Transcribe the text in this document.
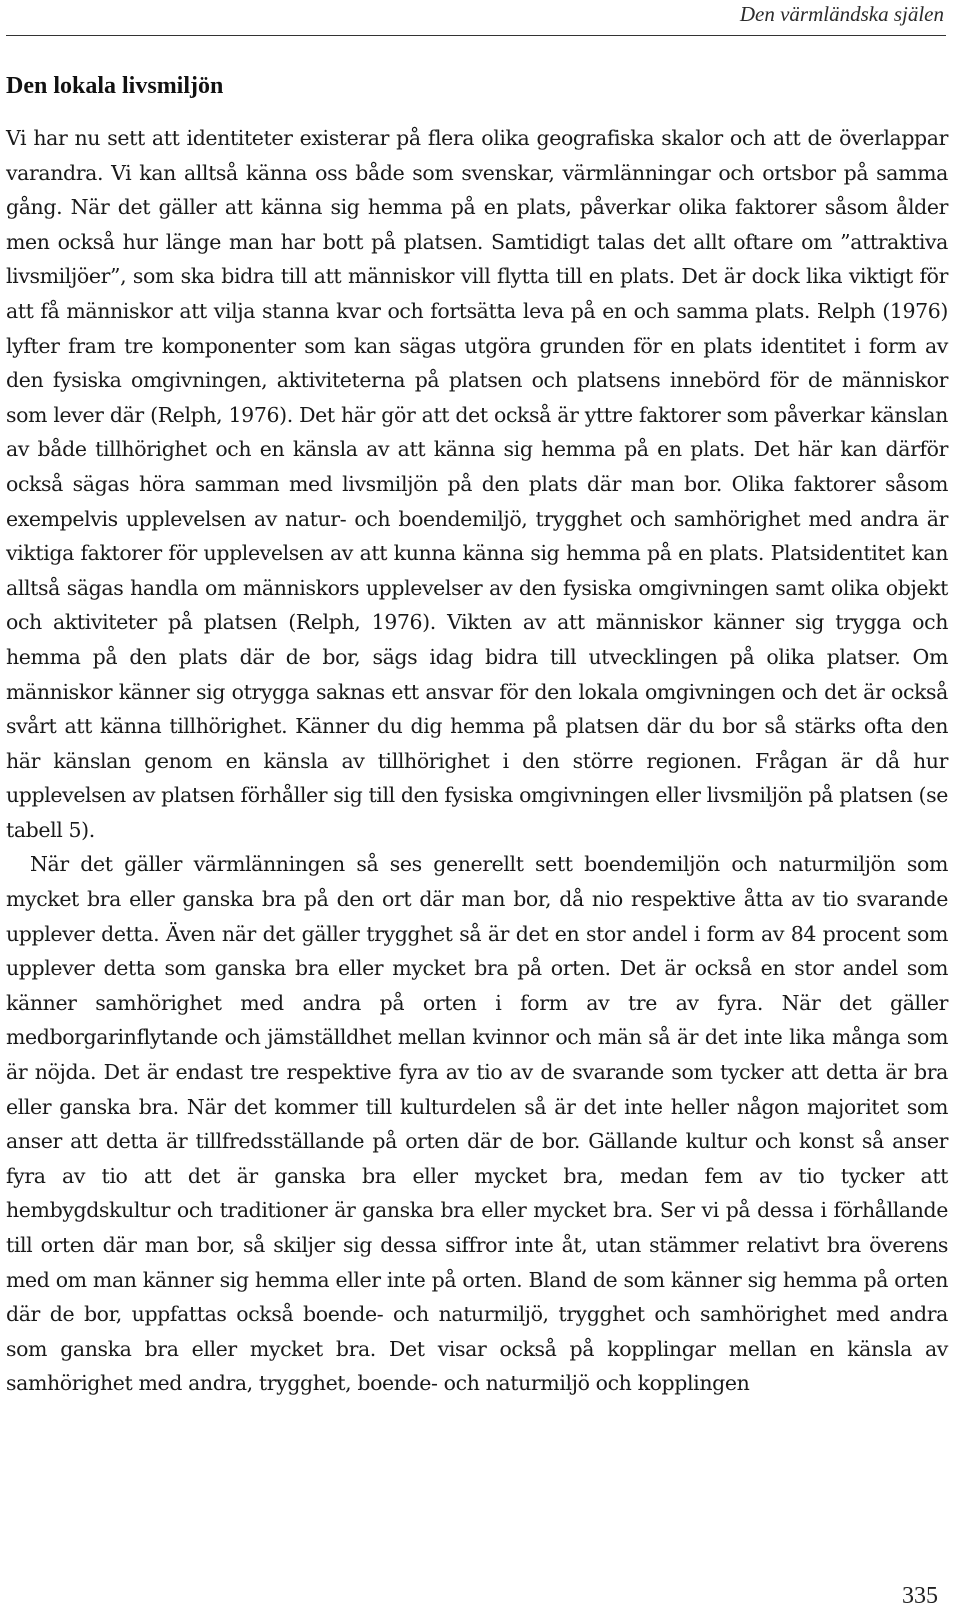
Den värmländska själen
Den lokala livsmiljön

Vi har nu sett att identiteter existerar på flera olika geografiska skalor och att de överlappar varandra. Vi kan alltså känna oss både som svenskar, värmlänningar och ortsbor på samma gång. När det gäller att känna sig hemma på en plats, påverkar olika faktorer såsom ålder men också hur länge man har bott på platsen. Samtidigt talas det allt oftare om ”attraktiva livsmiljöer”, som ska bidra till att människor vill flytta till en plats. Det är dock lika viktigt för att få människor att vilja stanna kvar och fortsätta leva på en och samma plats. Relph (1976) lyfter fram tre komponenter som kan sägas utgöra grunden för en plats identitet i form av den fysiska omgivningen, aktiviteterna på platsen och platsens innebörd för de människor som lever där (Relph, 1976). Det här gör att det också är yttre faktorer som påverkar känslan av både tillhörighet och en känsla av att känna sig hemma på en plats. Det här kan därför också sägas höra samman med livsmiljön på den plats där man bor. Olika faktorer såsom exempelvis upplevelsen av natur- och boendemiljö, trygghet och samhörighet med andra är viktiga faktorer för upplevelsen av att kunna känna sig hemma på en plats. Platsidentitet kan alltså sägas handla om människors upplevelser av den fysiska omgivningen samt olika objekt och aktiviteter på platsen (Relph, 1976). Vikten av att människor känner sig trygga och hemma på den plats där de bor, sägs idag bidra till utvecklingen på olika platser. Om människor känner sig otrygga saknas ett ansvar för den lokala omgivningen och det är också svårt att känna tillhörighet. Känner du dig hemma på platsen där du bor så stärks ofta den här känslan genom en känsla av tillhörighet i den större regionen. Frågan är då hur upplevelsen av platsen förhåller sig till den fysiska omgivningen eller livsmiljön på platsen (se tabell 5).

När det gäller värmlänningen så ses generellt sett boendemiljön och naturmiljön som mycket bra eller ganska bra på den ort där man bor, då nio respektive åtta av tio svarande upplever detta. Även när det gäller trygghet så är det en stor andel i form av 84 procent som upplever detta som ganska bra eller mycket bra på orten. Det är också en stor andel som känner samhörighet med andra på orten i form av tre av fyra. När det gäller medborgarinflytande och jämställdhet mellan kvinnor och män så är det inte lika många som är nöjda. Det är endast tre respektive fyra av tio av de svarande som tycker att detta är bra eller ganska bra. När det kommer till kulturdelen så är det inte heller någon majoritet som anser att detta är tillfredsställande på orten där de bor. Gällande kultur och konst så anser fyra av tio att det är ganska bra eller mycket bra, medan fem av tio tycker att hembygdskultur och traditioner är ganska bra eller mycket bra. Ser vi på dessa i förhållande till orten där man bor, så skiljer sig dessa siffror inte åt, utan stämmer relativt bra överens med om man känner sig hemma eller inte på orten. Bland de som känner sig hemma på orten där de bor, uppfattas också boende- och naturmiljö, trygghet och samhörighet med andra som ganska bra eller mycket bra. Det visar också på kopplingar mellan en känsla av samhörighet med andra, trygghet, boende- och naturmiljö och kopplingen

335
